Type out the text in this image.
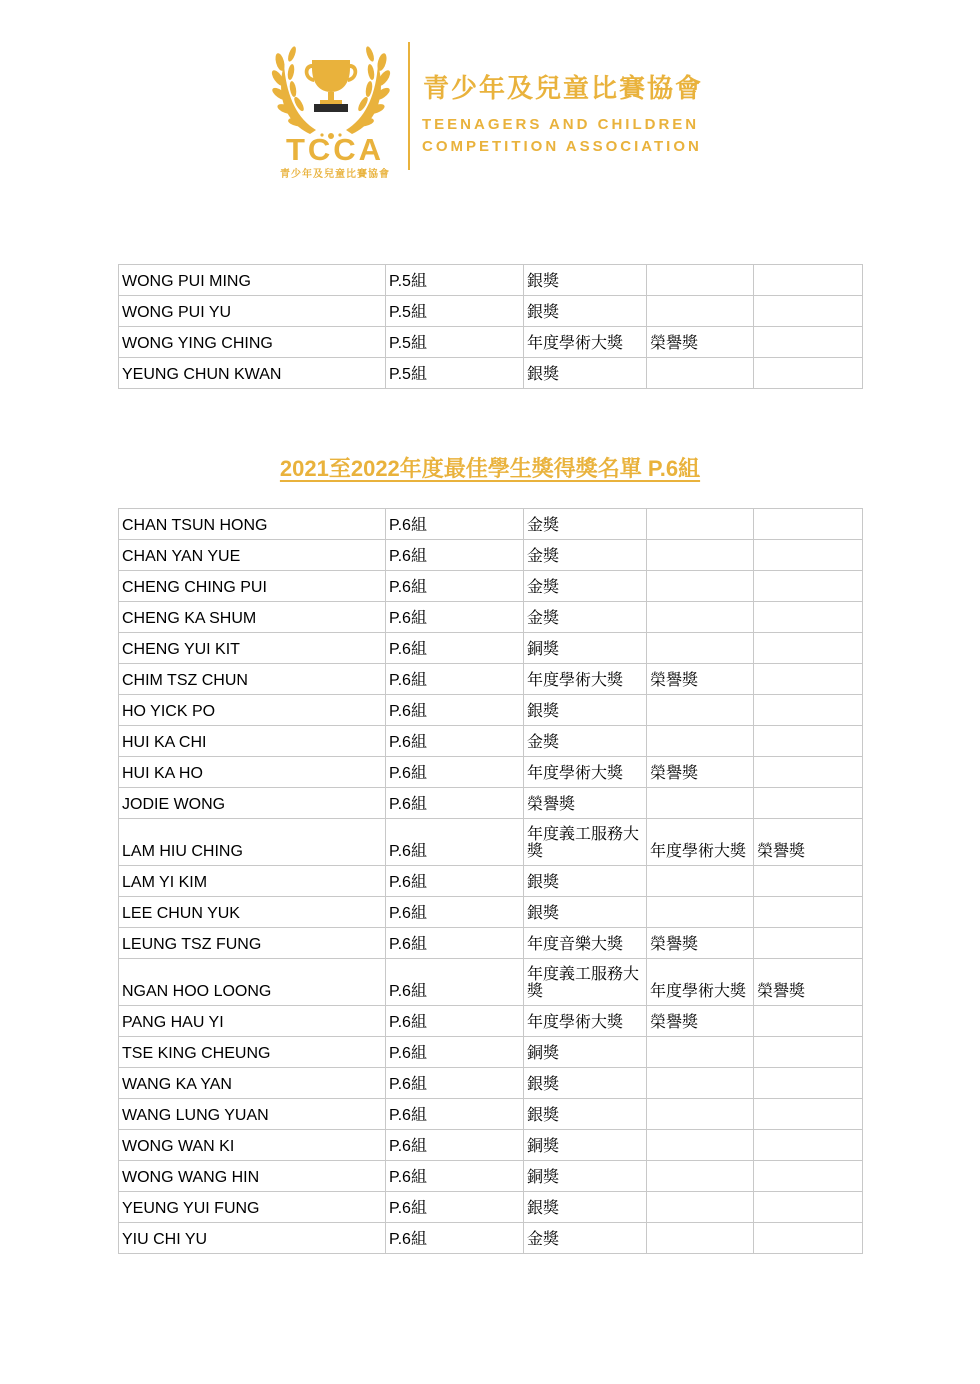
TCCA
青少年及兒童比賽協會
青少年及兒童比賽協會
TEENAGERS AND CHILDREN
COMPETITION ASSOCIATION
WONG PUI MING	P.5組	銀獎		
WONG PUI YU	P.5組	銀獎		
WONG YING CHING	P.5組	年度學術大獎	榮譽獎	
YEUNG CHUN KWAN	P.5組	銀獎		
2021至2022年度最佳學生獎得獎名單 P.6組
CHAN TSUN HONG	P.6組	金獎		
CHAN YAN YUE	P.6組	金獎		
CHENG CHING PUI	P.6組	金獎		
CHENG KA SHUM	P.6組	金獎		
CHENG YUI KIT	P.6組	銅獎		
CHIM TSZ CHUN	P.6組	年度學術大獎	榮譽獎	
HO YICK PO	P.6組	銀獎		
HUI KA CHI	P.6組	金獎		
HUI KA HO	P.6組	年度學術大獎	榮譽獎	
JODIE WONG	P.6組	榮譽獎		
LAM HIU CHING	P.6組	年度義工服務大獎	年度學術大獎	榮譽獎
LAM YI KIM	P.6組	銀獎		
LEE CHUN YUK	P.6組	銀獎		
LEUNG TSZ FUNG	P.6組	年度音樂大獎	榮譽獎	
NGAN HOO LOONG	P.6組	年度義工服務大獎	年度學術大獎	榮譽獎
PANG HAU YI	P.6組	年度學術大獎	榮譽獎	
TSE KING CHEUNG	P.6組	銅獎		
WANG KA YAN	P.6組	銀獎		
WANG LUNG YUAN	P.6組	銀獎		
WONG WAN KI	P.6組	銅獎		
WONG WANG HIN	P.6組	銅獎		
YEUNG YUI FUNG	P.6組	銀獎		
YIU CHI YU	P.6組	金獎		
